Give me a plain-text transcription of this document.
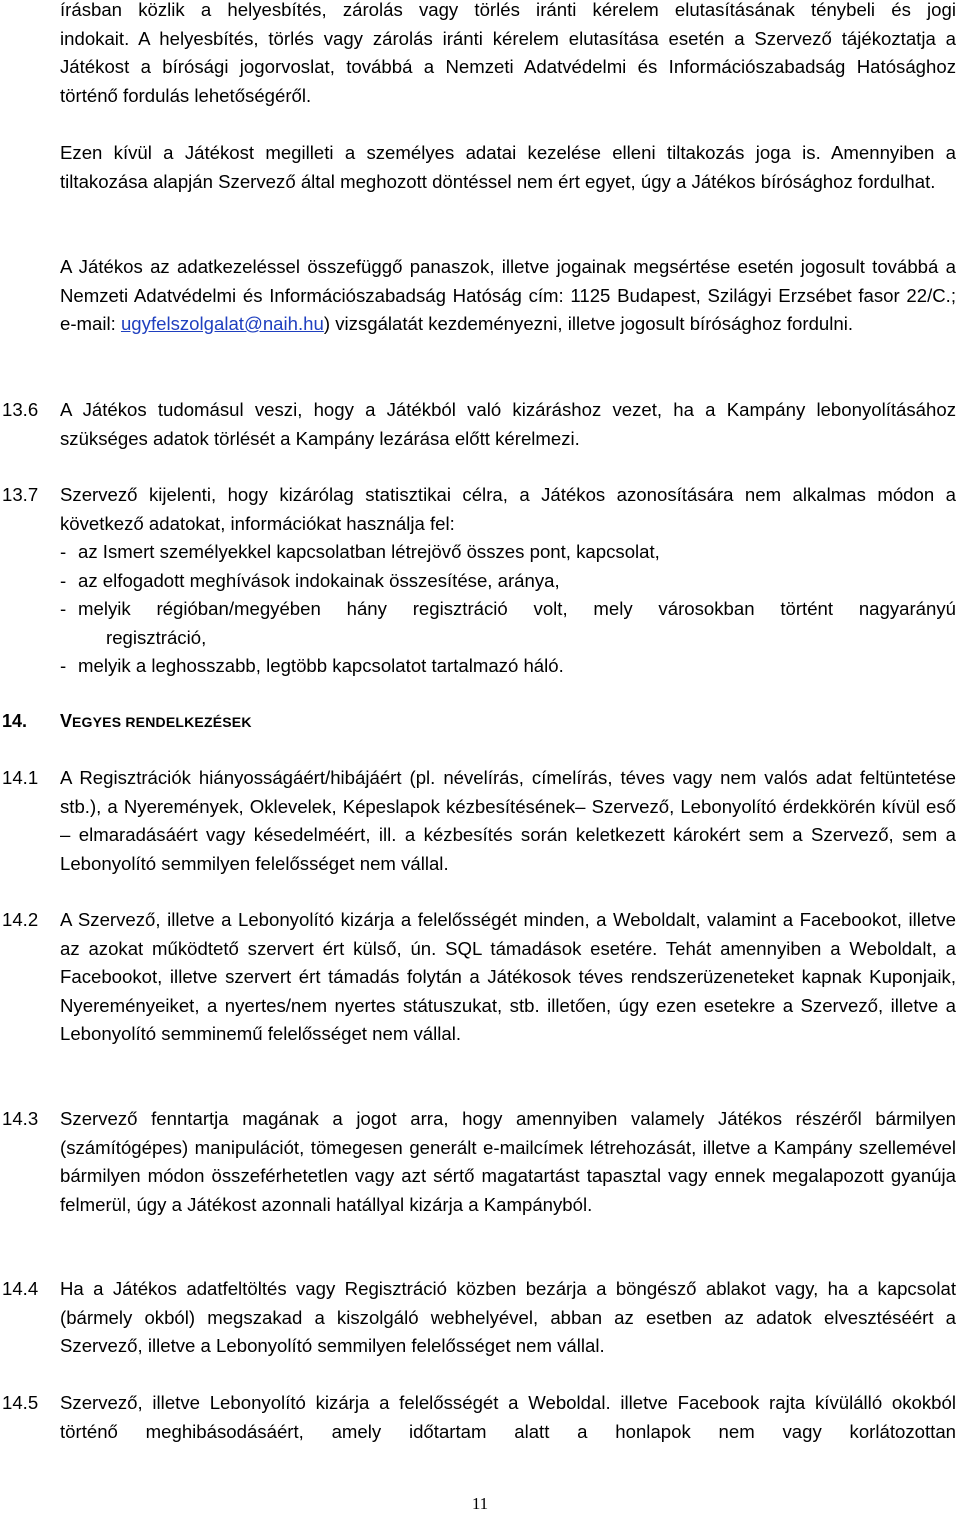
írásban közlik a helyesbítés, zárolás vagy törlés iránti kérelem elutasításának ténybeli és jogi
indokait. A helyesbítés, törlés vagy zárolás iránti kérelem elutasítása esetén a Szervező tájékoztatja a Játékost a bírósági jogorvoslat, továbbá a Nemzeti Adatvédelmi és Információszabadság Hatósághoz történő fordulás lehetőségéről.

Ezen kívül a Játékost megilleti a személyes adatai kezelése elleni tiltakozás joga is. Amennyiben a tiltakozása alapján Szervező által meghozott döntéssel nem ért egyet, úgy a Játékos bírósághoz fordulhat.

A Játékos az adatkezeléssel összefüggő panaszok, illetve jogainak megsértése esetén jogosult továbbá a Nemzeti Adatvédelmi és Információszabadság Hatóság cím: 1125 Budapest, Szilágyi Erzsébet fasor 22/C.; e-mail: ugyfelszolgalat@naih.hu) vizsgálatát kezdeményezni, illetve jogosult bírósághoz fordulni.

13.6	A Játékos tudomásul veszi, hogy a Játékból való kizáráshoz vezet, ha a Kampány lebonyolításához szükséges adatok törlését a Kampány lezárása előtt kérelmezi.
13.7	Szervező kijelenti, hogy kizárólag statisztikai célra, a Játékos azonosítására nem alkalmas módon a következő adatokat, információkat használja fel:
- az Ismert személyekkel kapcsolatban létrejövő összes pont, kapcsolat,
- az elfogadott meghívások indokainak összesítése, aránya,
- melyik régióban/megyében hány regisztráció volt, mely városokban történt nagyarányú
regisztráció,
- melyik a leghosszabb, legtöbb kapcsolatot tartalmazó háló.
14.	VEGYES RENDELKEZÉSEK
14.1	A Regisztrációk hiányosságáért/hibájáért (pl. névelírás, címelírás, téves vagy nem valós adat feltüntetése stb.), a Nyeremények, Oklevelek, Képeslapok kézbesítésének– Szervező, Lebonyolító érdekkörén kívül eső – elmaradásáért vagy késedelméért, ill. a kézbesítés során keletkezett károkért sem a Szervező, sem a Lebonyolító semmilyen felelősséget nem vállal.
14.2	A Szervező, illetve a Lebonyolító kizárja a felelősségét minden, a Weboldalt, valamint a Facebookot, illetve az azokat működtető szervert ért külső, ún. SQL támadások esetére. Tehát amennyiben a Weboldalt, a Facebookot, illetve szervert ért támadás folytán a Játékosok téves rendszerüzeneteket kapnak Kuponjaik, Nyereményeiket, a nyertes/nem nyertes státuszukat, stb. illetően, úgy ezen esetekre a Szervező, illetve a Lebonyolító semminemű felelősséget nem vállal.
14.3	Szervező fenntartja magának a jogot arra, hogy amennyiben valamely Játékos részéről bármilyen (számítógépes) manipulációt, tömegesen generált e-mailcímek létrehozását, illetve a Kampány szellemével bármilyen módon összeférhetetlen vagy azt sértő magatartást tapasztal vagy ennek megalapozott gyanúja felmerül, úgy a Játékost azonnali hatállyal kizárja a Kampányból.
14.4	Ha a Játékos adatfeltöltés vagy Regisztráció közben bezárja a böngésző ablakot vagy, ha a kapcsolat (bármely okból) megszakad a kiszolgáló webhelyével, abban az esetben az adatok elvesztéséért a Szervező, illetve a Lebonyolító semmilyen felelősséget nem vállal.
14.5	Szervező, illetve Lebonyolító kizárja a felelősségét a Weboldal. illetve Facebook rajta kívülálló okokból történő meghibásodásáért, amely időtartam alatt a honlapok nem vagy korlátozottan
11
